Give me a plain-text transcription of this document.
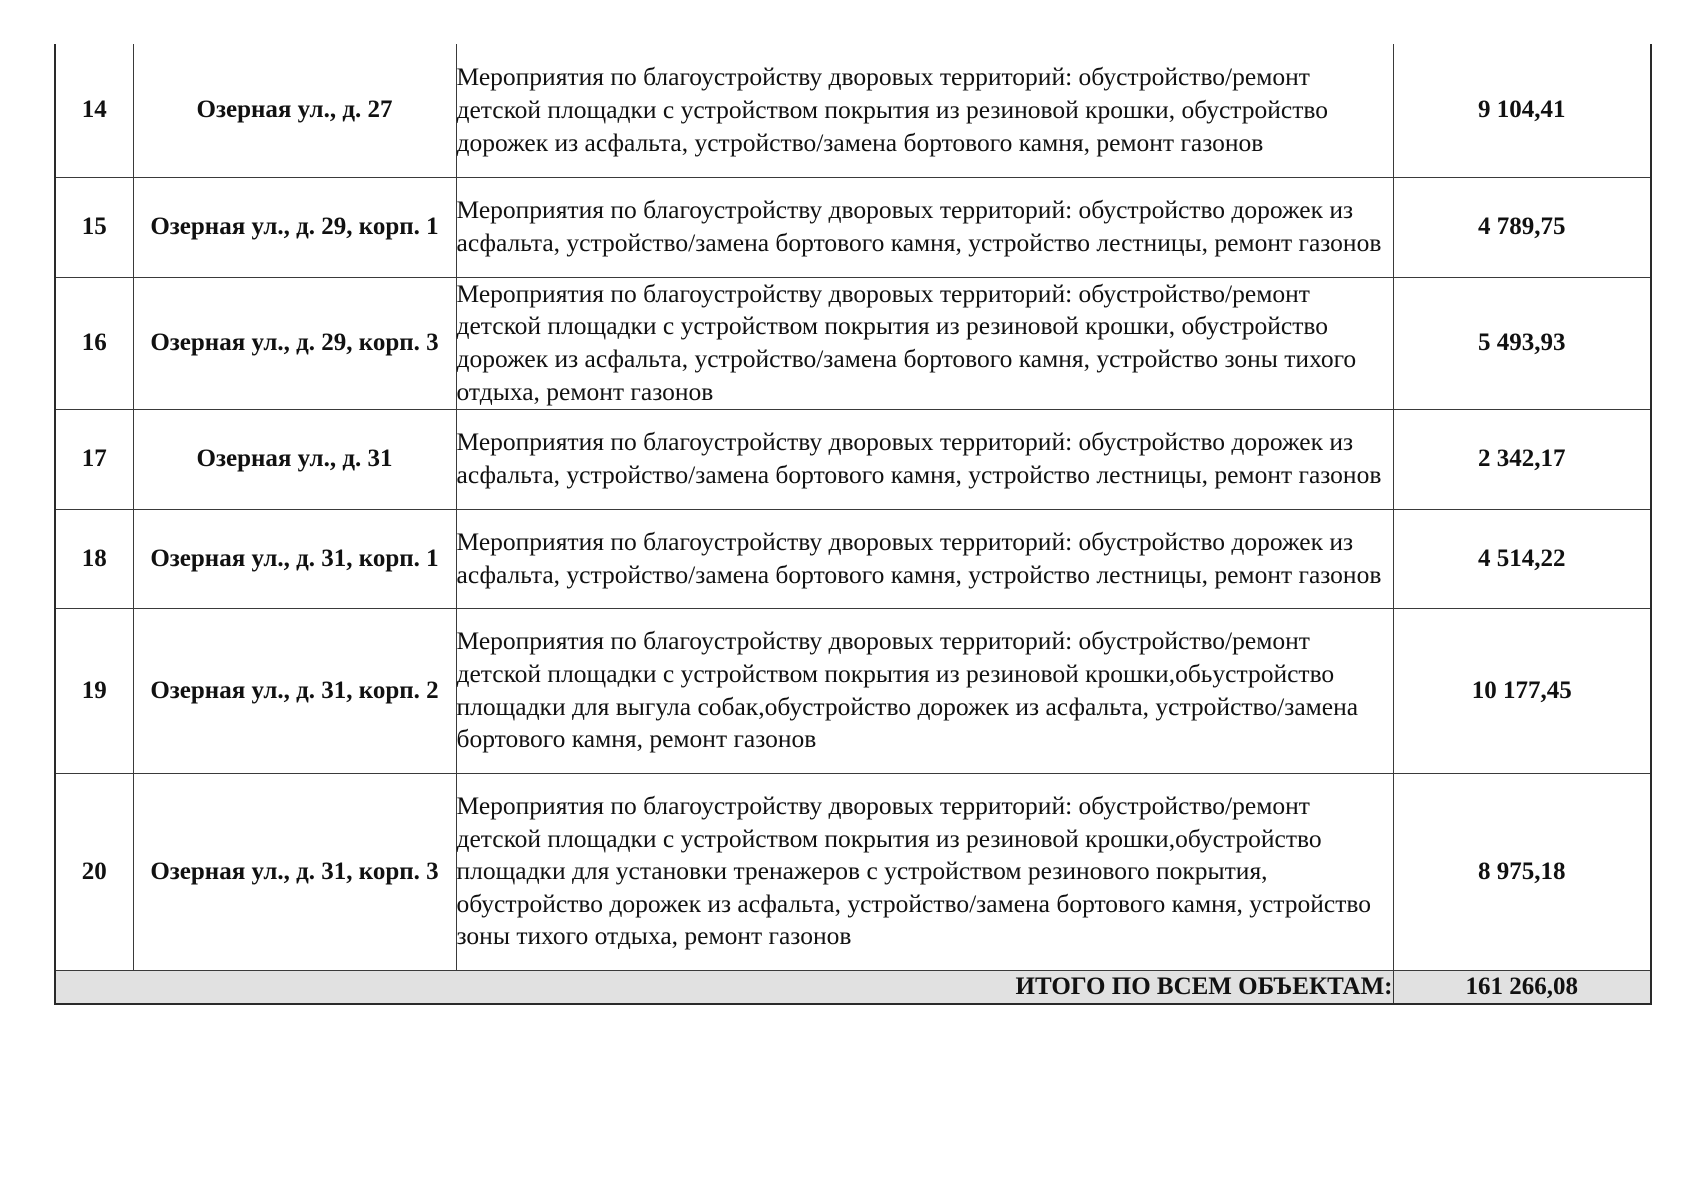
14	Озерная ул., д. 27	Мероприятия по благоустройству дворовых территорий: обустройство/ремонт детской площадки с устройством покрытия из резиновой крошки, обустройство дорожек из асфальта, устройство/замена бортового камня, ремонт газонов	9 104,41
15	Озерная ул., д. 29, корп. 1	Мероприятия по благоустройству дворовых территорий: обустройство дорожек из асфальта, устройство/замена бортового камня, устройство лестницы, ремонт газонов	4 789,75
16	Озерная ул., д. 29, корп. 3	Мероприятия по благоустройству дворовых территорий: обустройство/ремонт детской площадки с устройством покрытия из резиновой крошки, обустройство дорожек из асфальта, устройство/замена бортового камня, устройство зоны тихого отдыха, ремонт газонов	5 493,93
17	Озерная ул., д. 31	Мероприятия по благоустройству дворовых территорий: обустройство дорожек из асфальта, устройство/замена бортового камня, устройство лестницы, ремонт газонов	2 342,17
18	Озерная ул., д. 31, корп. 1	Мероприятия по благоустройству дворовых территорий: обустройство дорожек из асфальта, устройство/замена бортового камня, устройство лестницы, ремонт газонов	4 514,22
19	Озерная ул., д. 31, корп. 2	Мероприятия по благоустройству дворовых территорий: обустройство/ремонт детской площадки с устройством покрытия из резиновой крошки,обьустройство площадки для выгула собак,обустройство дорожек из асфальта, устройство/замена бортового камня, ремонт газонов	10 177,45
20	Озерная ул., д. 31, корп. 3	Мероприятия по благоустройству дворовых территорий: обустройство/ремонт детской площадки с устройством покрытия из резиновой крошки,обустройство площадки для установки тренажеров с устройством резинового покрытия, обустройство дорожек из асфальта, устройство/замена бортового камня, устройство зоны тихого отдыха, ремонт газонов	8 975,18
ИТОГО ПО ВСЕМ ОБЪЕКТАМ:			161 266,08
